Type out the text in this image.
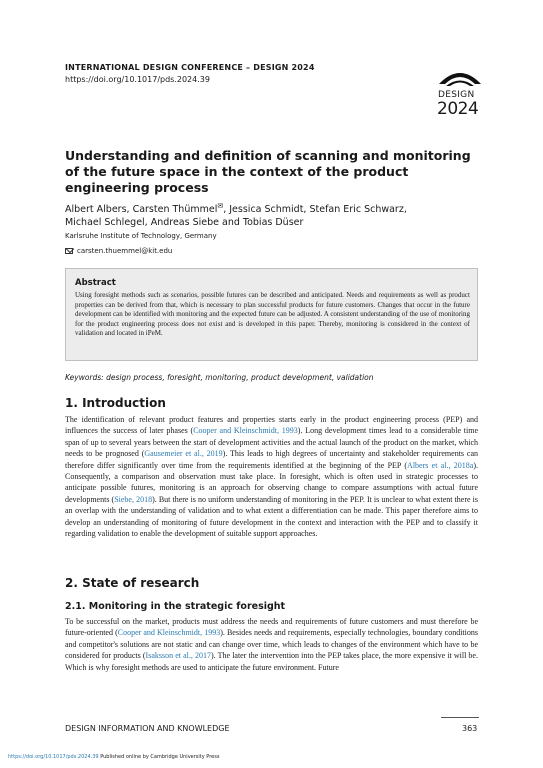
INTERNATIONAL DESIGN CONFERENCE – DESIGN 2024
https://doi.org/10.1017/pds.2024.39
DESIGN
2024
Understanding and definition of scanning and monitoring of the future space in the context of the product engineering process
Albert Albers, Carsten Thümmel✉, Jessica Schmidt, Stefan Eric Schwarz,
Michael Schlegel, Andreas Siebe and Tobias Düser
Karlsruhe Institute of Technology, Germany
carsten.thuemmel@kit.edu
Abstract
Using foresight methods such as scenarios, possible futures can be described and anticipated. Needs and requirements as well as product properties can be derived from that, which is necessary to plan successful products for future customers. Changes that occur in the future development can be identified with monitoring and the expected future can be adjusted. A consistent understanding of the use of monitoring for the product engineering process does not exist and is developed in this paper. Thereby, monitoring is considered in the context of validation and located in iPeM.
Keywords: design process, foresight, monitoring, product development, validation
1. Introduction
The identification of relevant product features and properties starts early in the product engineering process (PEP) and influences the success of later phases (Cooper and Kleinschmidt, 1993). Long development times lead to a considerable time span of up to several years between the start of development activities and the actual launch of the product on the market, which needs to be prognosed (Gausemeier et al., 2019). This leads to high degrees of uncertainty and stakeholder requirements can therefore differ significantly over time from the requirements identified at the beginning of the PEP (Albers et al., 2018a). Consequently, a comparison and observation must take place. In foresight, which is often used in strategic processes to anticipate possible futures, monitoring is an approach for observing change to compare assumptions with actual future developments (Siebe, 2018). But there is no uniform understanding of monitoring in the PEP. It is unclear to what extent there is an overlap with the understanding of validation and to what extent a differentiation can be made. This paper therefore aims to develop an understanding of monitoring of future development in the context and interaction with the PEP and to classify it regarding validation to enable the development of suitable support approaches.
2. State of research
2.1. Monitoring in the strategic foresight
To be successful on the market, products must address the needs and requirements of future customers and must therefore be future-oriented (Cooper and Kleinschmidt, 1993). Besides needs and requirements, especially technologies, boundary conditions and competitor's solutions are not static and can change over time, which leads to changes of the environment which have to be considered for products (Isaksson et al., 2017). The later the intervention into the PEP takes place, the more expensive it will be. Which is why foresight methods are used to anticipate the future environment. Future
DESIGN INFORMATION AND KNOWLEDGE	363
https://doi.org/10.1017/pds.2024.39 Published online by Cambridge University Press
